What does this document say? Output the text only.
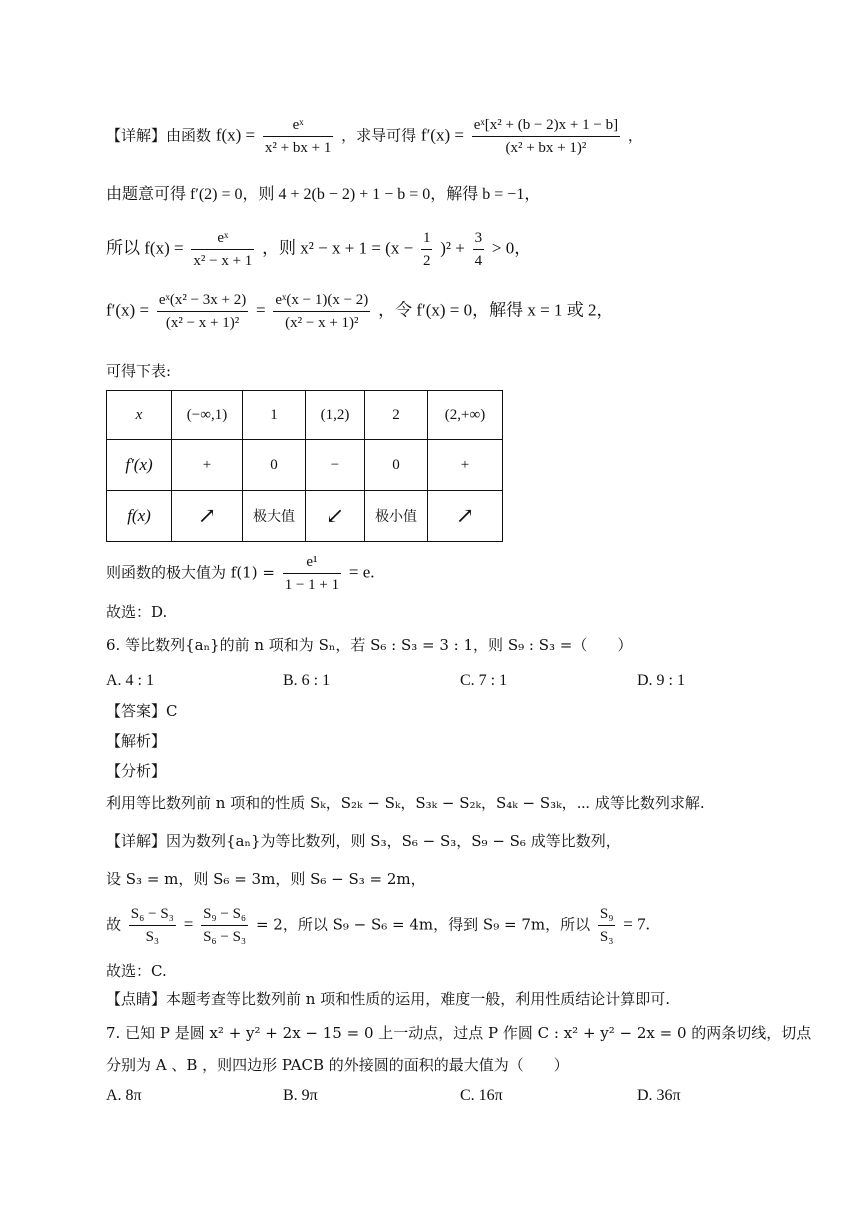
【详解】由函数 $f(x) = \frac{\text{eˣ}}{\text{x² + bx + 1}}$ ，求导可得 $f'(x) = \frac{\text{eˣ[x² + (b − 2)x + 1 − b]}}{\text{(x² + bx + 1)²}}$ ，
由题意可得 f′(2) = 0，则 4 + 2(b − 2) + 1 − b = 0，解得 b = −1，
所以 $f(x) = \frac{\text{eˣ}}{\text{x² − x + 1}}$ ，则 $x^2 - x + 1 = (x - \frac{1}{2} )^2 + \frac{3}{4} > 0$，
$f'(x) = \frac{\text{eˣ(x² − 3x + 2)}}{\text{(x² − x + 1)²}} = \frac{\text{eˣ(x − 1)(x − 2)}}{\text{(x² − x + 1)²}}$ ，令 f′(x) = 0，解得 x = 1 或 2，
可得下表:
x	(−∞,1)	1	(1,2)	2	(2,+∞)
f′(x)	+	0	−	0	+
f(x)	↗	极大值	↙	极小值	↗
则函数的极大值为 $f(1) = \frac{\text{e¹}}{1 - 1 + 1} = e$.
故选：D.
6. 等比数列{aₙ}的前 n 项和为 Sₙ，若 S₆ : S₃ = 3 : 1，则 S₉ : S₃ =（　　）
A. 4 : 1	B. 6 : 1	C. 7 : 1	D. 9 : 1
【答案】C
【解析】
【分析】
利用等比数列前 n 项和的性质 Sₖ，S₂ₖ − Sₖ，S₃ₖ − S₂ₖ，S₄ₖ − S₃ₖ，⋯ 成等比数列求解.
【详解】因为数列{aₙ}为等比数列，则 S₃，S₆ − S₃，S₉ − S₆ 成等比数列，
设 S₃ = m，则 S₆ = 3m，则 S₆ − S₃ = 2m，
故 $\frac{\text{S₆ − S₃}}{\text{S₃}} = \frac{\text{S₉ − S₆}}{\text{S₆ − S₃}} = 2$，所以 S₉ − S₆ = 4m，得到 S₉ = 7m，所以 $\frac{\text{S₉}}{\text{S₃}} = 7$.
故选：C.
【点睛】本题考查等比数列前 n 项和性质的运用，难度一般，利用性质结论计算即可.
7. 已知 P 是圆 x² + y² + 2x − 15 = 0 上一动点，过点 P 作圆 C : x² + y² − 2x = 0 的两条切线，切点
分别为 A 、B ，则四边形 PACB 的外接圆的面积的最大值为（　　）
A. 8π	B. 9π	C. 16π	D. 36π
